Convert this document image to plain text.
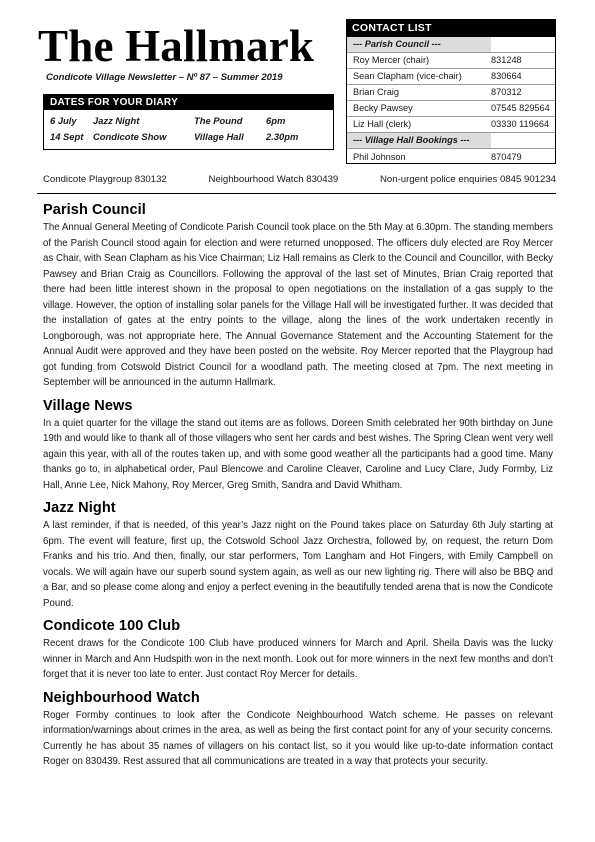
The Hallmark
Condicote Village Newsletter – Nº 87 – Summer 2019
DATES FOR YOUR DIARY
6 July	Jazz Night	The Pound	6pm
14 Sept	Condicote Show	Village Hall	2.30pm
CONTACT LIST
--- Parish Council ---	
Roy Mercer (chair)	831248
Sean Clapham (vice-chair)	830664
Brian Craig	870312
Becky Pawsey	07545 829564
Liz Hall (clerk)	03330 119664
--- Village Hall Bookings ---	
Phil Johnson	870479
Condicote Playgroup 830132	Neighbourhood Watch 830439	Non-urgent police enquiries 0845 901234
Parish Council

The Annual General Meeting of Condicote Parish Council took place on the 5th May at 6.30pm. The standing members of the Parish Council stood again for election and were returned unopposed. The officers duly elected are Roy Mercer as Chair, with Sean Clapham as his Vice Chairman; Liz Hall remains as Clerk to the Council and Councillor, with Becky Pawsey and Brian Craig as Councillors. Following the approval of the last set of Minutes, Brian Craig reported that there had been little interest shown in the proposal to open negotiations on the installation of a gas supply to the village. However, the option of installing solar panels for the Village Hall will be investigated further. It was decided that the installation of gates at the entry points to the village, along the lines of the work undertaken recently in Longborough, was not appropriate here. The Annual Governance Statement and the Accounting Statement for the Annual Audit were approved and they have been posted on the website. Roy Mercer reported that the Playgroup had got funding from Cotswold District Council for a woodland path. The meeting closed at 7pm. The next meeting in September will be announced in the autumn Hallmark.

Village News

In a quiet quarter for the village the stand out items are as follows. Doreen Smith celebrated her 90th birthday on June 19th and would like to thank all of those villagers who sent her cards and best wishes. The Spring Clean went very well again this year, with all of the routes taken up, and with some good weather all the participants had a good time. Many thanks go to, in alphabetical order, Paul Blencowe and Caroline Cleaver, Caroline and Lucy Clare, Judy Formby, Liz Hall, Anne Lee, Nick Mahony, Roy Mercer, Greg Smith, Sandra and David Whitham.

Jazz Night

A last reminder, if that is needed, of this year’s Jazz night on the Pound takes place on Saturday 6th July starting at 6pm. The event will feature, first up, the Cotswold School Jazz Orchestra, followed by, on request, the return Dom Franks and his trio. And then, finally, our star performers, Tom Langham and Hot Fingers, with Emily Campbell on vocals. We will again have our superb sound system again, as well as our new lighting rig. There will also be BBQ and a Bar, and so please come along and enjoy a perfect evening in the beautifully tended arena that is now the Condicote Pound.

Condicote 100 Club

Recent draws for the Condicote 100 Club have produced winners for March and April. Sheila Davis was the lucky winner in March and Ann Hudspith won in the next month. Look out for more winners in the next few months and don’t forget that it is never too late to enter. Just contact Roy Mercer for details.

Neighbourhood Watch

Roger Formby continues to look after the Condicote Neighbourhood Watch scheme. He passes on relevant information/warnings about crimes in the area, as well as being the first contact point for any of your security concerns. Currently he has about 35 names of villagers on his contact list, so it you would like up-to-date information contact Roger on 830439. Rest assured that all communications are treated in a way that protects your security.
